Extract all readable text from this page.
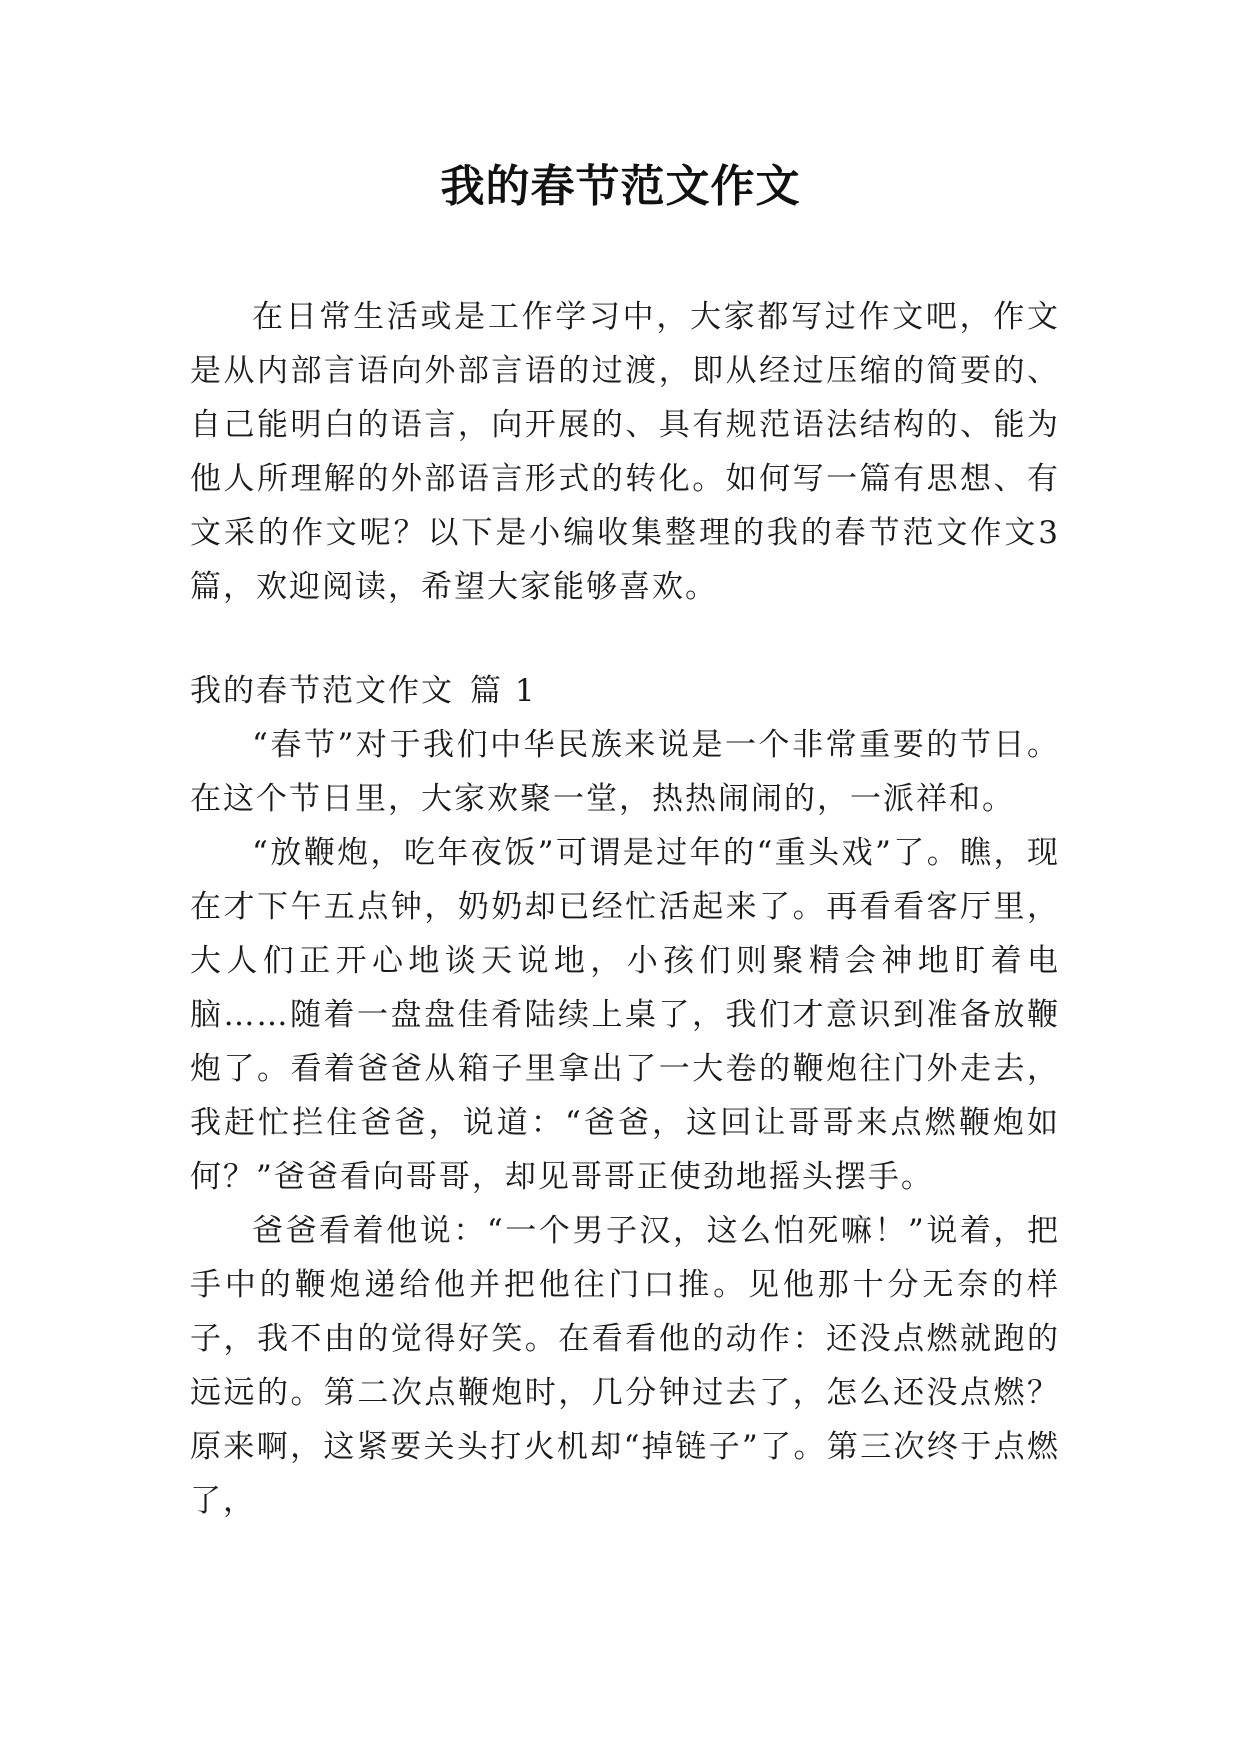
我的春节范文作文

在日常生活或是工作学习中，大家都写过作文吧，作文是从内部言语向外部言语的过渡，即从经过压缩的简要的、自己能明白的语言，向开展的、具有规范语法结构的、能为他人所理解的外部语言形式的转化。如何写一篇有思想、有文采的作文呢？以下是小编收集整理的我的春节范文作文3篇，欢迎阅读，希望大家能够喜欢。

我的春节范文作文 篇 1

“春节”对于我们中华民族来说是一个非常重要的节日。在这个节日里，大家欢聚一堂，热热闹闹的，一派祥和。

“放鞭炮，吃年夜饭”可谓是过年的“重头戏”了。瞧，现在才下午五点钟，奶奶却已经忙活起来了。再看看客厅里，大人们正开心地谈天说地，小孩们则聚精会神地盯着电脑……随着一盘盘佳肴陆续上桌了，我们才意识到准备放鞭炮了。看着爸爸从箱子里拿出了一大卷的鞭炮往门外走去，我赶忙拦住爸爸，说道：“爸爸，这回让哥哥来点燃鞭炮如何？”爸爸看向哥哥，却见哥哥正使劲地摇头摆手。

爸爸看着他说：“一个男子汉，这么怕死嘛！”说着，把手中的鞭炮递给他并把他往门口推。见他那十分无奈的样子，我不由的觉得好笑。在看看他的动作：还没点燃就跑的远远的。第二次点鞭炮时，几分钟过去了，怎么还没点燃？原来啊，这紧要关头打火机却“掉链子”了。第三次终于点燃了，
